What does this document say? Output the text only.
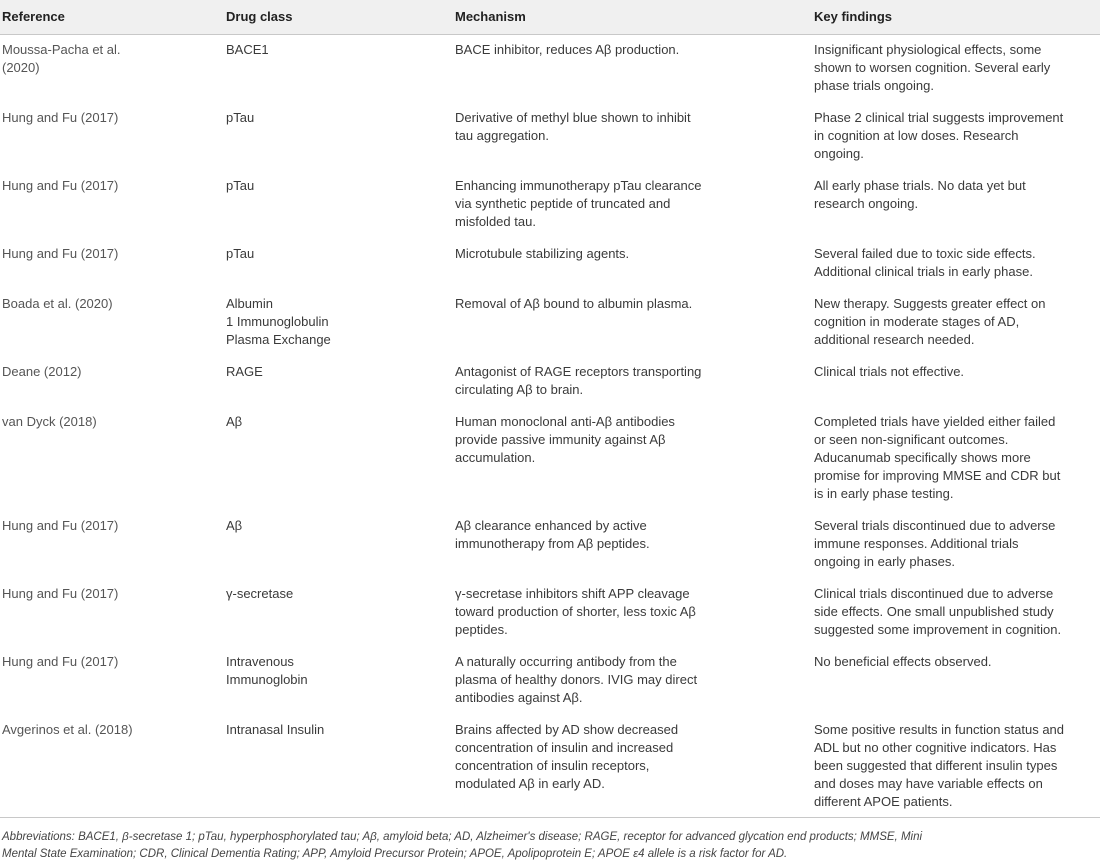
Reference	Drug class	Mechanism	Key findings

Moussa-Pacha et al.
(2020)	BACE1	BACE inhibitor, reduces Aβ production.	Insignificant physiological effects, some
shown to worsen cognition. Several early
phase trials ongoing.

Hung and Fu (2017)	pTau	Derivative of methyl blue shown to inhibit
tau aggregation.	Phase 2 clinical trial suggests improvement
in cognition at low doses. Research
ongoing.

Hung and Fu (2017)	pTau	Enhancing immunotherapy pTau clearance
via synthetic peptide of truncated and
misfolded tau.	All early phase trials. No data yet but
research ongoing.

Hung and Fu (2017)	pTau	Microtubule stabilizing agents.	Several failed due to toxic side effects.
Additional clinical trials in early phase.

Boada et al. (2020)	Albumin
1 Immunoglobulin
Plasma Exchange	Removal of Aβ bound to albumin plasma.	New therapy. Suggests greater effect on
cognition in moderate stages of AD,
additional research needed.

Deane (2012)	RAGE	Antagonist of RAGE receptors transporting
circulating Aβ to brain.	Clinical trials not effective.

van Dyck (2018)	Aβ	Human monoclonal anti-Aβ antibodies
provide passive immunity against Aβ
accumulation.	Completed trials have yielded either failed
or seen non-significant outcomes.
Aducanumab specifically shows more
promise for improving MMSE and CDR but
is in early phase testing.

Hung and Fu (2017)	Aβ	Aβ clearance enhanced by active
immunotherapy from Aβ peptides.	Several trials discontinued due to adverse
immune responses. Additional trials
ongoing in early phases.

Hung and Fu (2017)	γ-secretase	γ-secretase inhibitors shift APP cleavage
toward production of shorter, less toxic Aβ
peptides.	Clinical trials discontinued due to adverse
side effects. One small unpublished study
suggested some improvement in cognition.

Hung and Fu (2017)	Intravenous
Immunoglobin	A naturally occurring antibody from the
plasma of healthy donors. IVIG may direct
antibodies against Aβ.	No beneficial effects observed.

Avgerinos et al. (2018)	Intranasal Insulin	Brains affected by AD show decreased
concentration of insulin and increased
concentration of insulin receptors,
modulated Aβ in early AD.	Some positive results in function status and
ADL but no other cognitive indicators. Has
been suggested that different insulin types
and doses may have variable effects on
different APOE patients.
Abbreviations: BACE1, β-secretase 1; pTau, hyperphosphorylated tau; Aβ, amyloid beta; AD, Alzheimer's disease; RAGE, receptor for advanced glycation end products; MMSE, Mini
Mental State Examination; CDR, Clinical Dementia Rating; APP, Amyloid Precursor Protein; APOE, Apolipoprotein E; APOE ε4 allele is a risk factor for AD.
